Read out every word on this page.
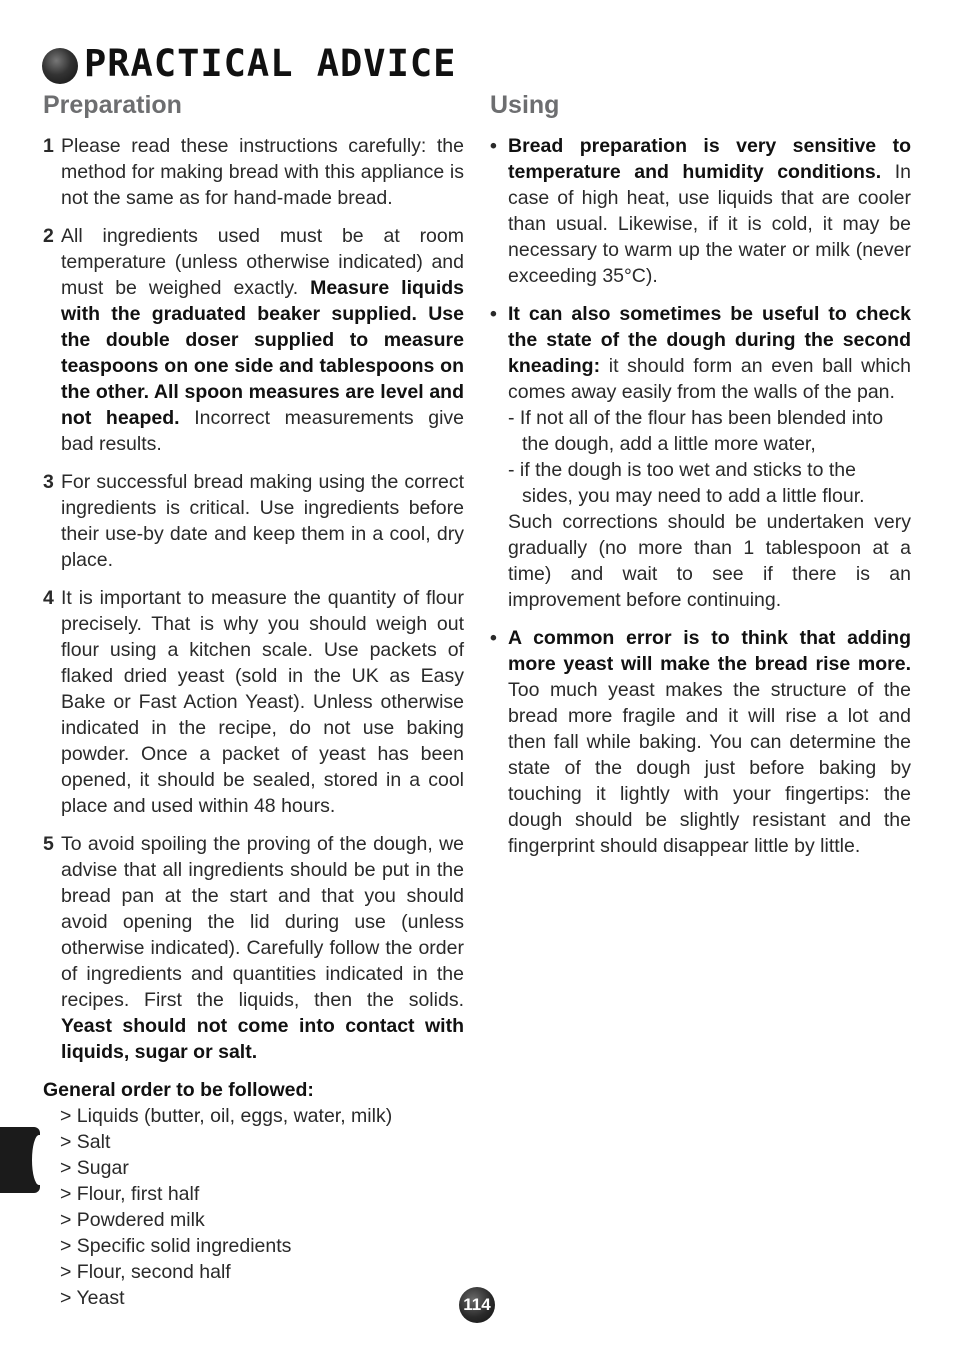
PRACTICAL ADVICE
Preparation	Using
1 Please read these instructions carefully: the method for making bread with this appliance is not the same as for hand-made bread.
2 All ingredients used must be at room temperature (unless otherwise indicated) and must be weighed exactly. Measure liquids with the graduated beaker supplied. Use the double doser supplied to measure teaspoons on one side and tablespoons on the other. All spoon measures are level and not heaped. Incorrect measurements give bad results.
3 For successful bread making using the correct ingredients is critical. Use ingredients before their use-by date and keep them in a cool, dry place.
4 It is important to measure the quantity of flour precisely. That is why you should weigh out flour using a kitchen scale. Use packets of flaked dried yeast (sold in the UK as Easy Bake or Fast Action Yeast). Unless otherwise indicated in the recipe, do not use baking powder. Once a packet of yeast has been opened, it should be sealed, stored in a cool place and used within 48 hours.
5 To avoid spoiling the proving of the dough, we advise that all ingredients should be put in the bread pan at the start and that you should avoid opening the lid during use (unless otherwise indicated). Carefully follow the order of ingredients and quantities indicated in the recipes. First the liquids, then the solids. Yeast should not come into contact with liquids, sugar or salt.
General order to be followed:
> Liquids (butter, oil, eggs, water, milk)
> Salt
> Sugar
> Flour, first half
> Powdered milk
> Specific solid ingredients
> Flour, second half
> Yeast
• Bread preparation is very sensitive to temperature and humidity conditions. In case of high heat, use liquids that are cooler than usual. Likewise, if it is cold, it may be necessary to warm up the water or milk (never exceeding 35°C).
• It can also sometimes be useful to check the state of the dough during the second kneading: it should form an even ball which comes away easily from the walls of the pan.
- If not all of the flour has been blended into the dough, add a little more water,
- if the dough is too wet and sticks to the sides, you may need to add a little flour.
Such corrections should be undertaken very gradually (no more than 1 tablespoon at a time) and wait to see if there is an improvement before continuing.
• A common error is to think that adding more yeast will make the bread rise more. Too much yeast makes the structure of the bread more fragile and it will rise a lot and then fall while baking. You can determine the state of the dough just before baking by touching it lightly with your fingertips: the dough should be slightly resistant and the fingerprint should disappear little by little.
114
